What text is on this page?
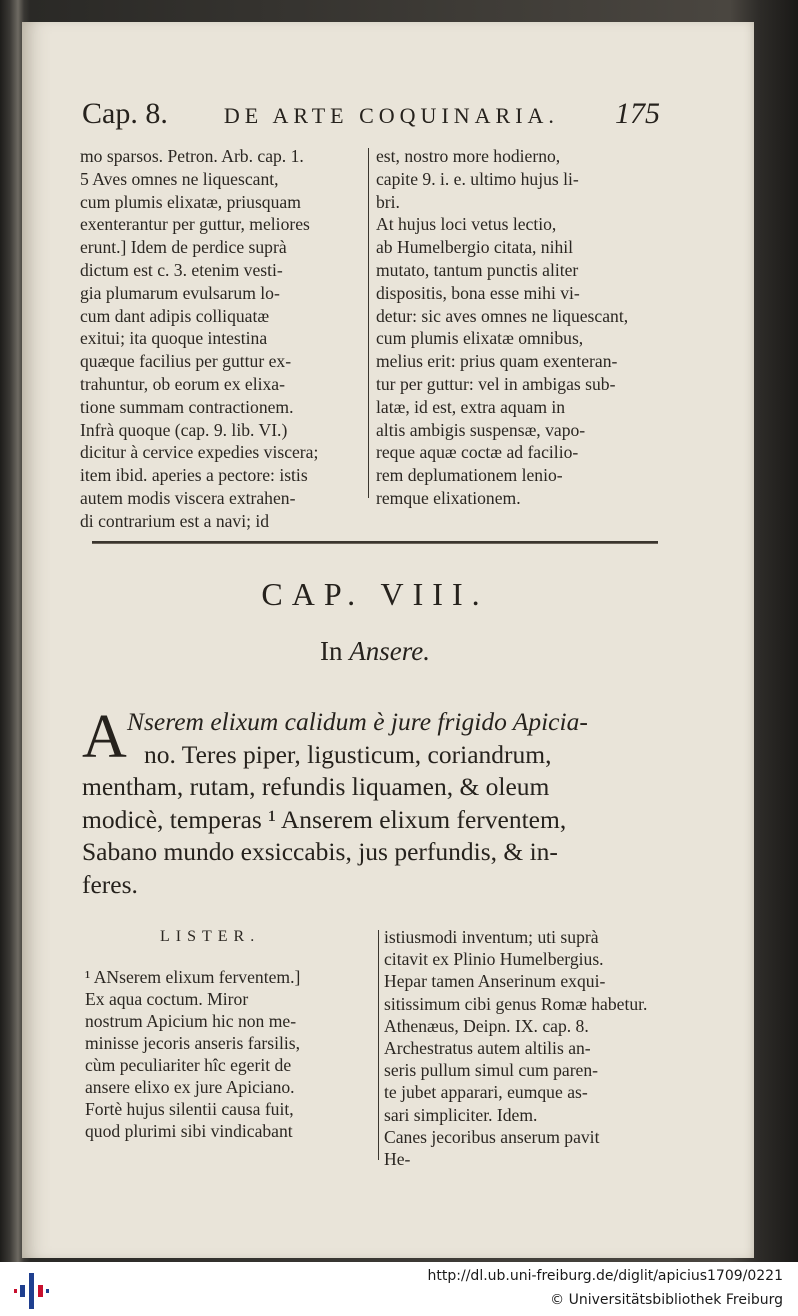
Cap. 8.	DE ARTE COQUINARIA.	175
mo sparsos. Petron. Arb. cap. 1.
5 Aves omnes ne liquescant,
cum plumis elixatæ, priusquam
exenterantur per guttur, meliores
erunt.] Idem de perdice suprà
dictum est c. 3. etenim vesti-
gia plumarum evulsarum lo-
cum dant adipis colliquatæ
exitui; ita quoque intestina
quæque facilius per guttur ex-
trahuntur, ob eorum ex elixa-
tione summam contractionem.
Infrà quoque (cap. 9. lib. VI.)
dicitur à cervice expedies viscera;
item ibid. aperies a pectore: istis
autem modis viscera extrahen-
di contrarium est a navi; id
est, nostro more hodierno,
capite 9. i. e. ultimo hujus li-
bri.
At hujus loci vetus lectio,
ab Humelbergio citata, nihil
mutato, tantum punctis aliter
dispositis, bona esse mihi vi-
detur: sic aves omnes ne liquescant,
cum plumis elixatæ omnibus,
melius erit: prius quam exenteran-
tur per guttur: vel in ambigas sub-
latæ, id est, extra aquam in
altis ambigis suspensæ, vapo-
reque aquæ coctæ ad facilio-
rem deplumationem lenio-
remque elixationem.
CAP. VIII.
In Ansere.
A Nserem elixum calidum è jure frigido Apicia-
no. Teres piper, ligusticum, coriandrum,
mentham, rutam, refundis liquamen, & oleum
modicè, temperas ¹ Anserem elixum ferventem,
Sabano mundo exsiccabis, jus perfundis, & in-
feres.
LISTER.
¹ ANserem elixum ferventem.]
Ex aqua coctum. Miror
nostrum Apicium hic non me-
minisse jecoris anseris farsilis,
cùm peculiariter hîc egerit de
ansere elixo ex jure Apiciano.
Fortè hujus silentii causa fuit,
quod plurimi sibi vindicabant
istiusmodi inventum; uti suprà
citavit ex Plinio Humelbergius.
Hepar tamen Anserinum exqui-
sitissimum cibi genus Romæ habetur.
Athenæus, Deipn. IX. cap. 8.
Archestratus autem altilis an-
seris pullum simul cum paren-
te jubet apparari, eumque as-
sari simpliciter. Idem.
Canes jecoribus anserum pavit
He-
http://dl.ub.uni-freiburg.de/diglit/apicius1709/0221
© Universitätsbibliothek Freiburg
